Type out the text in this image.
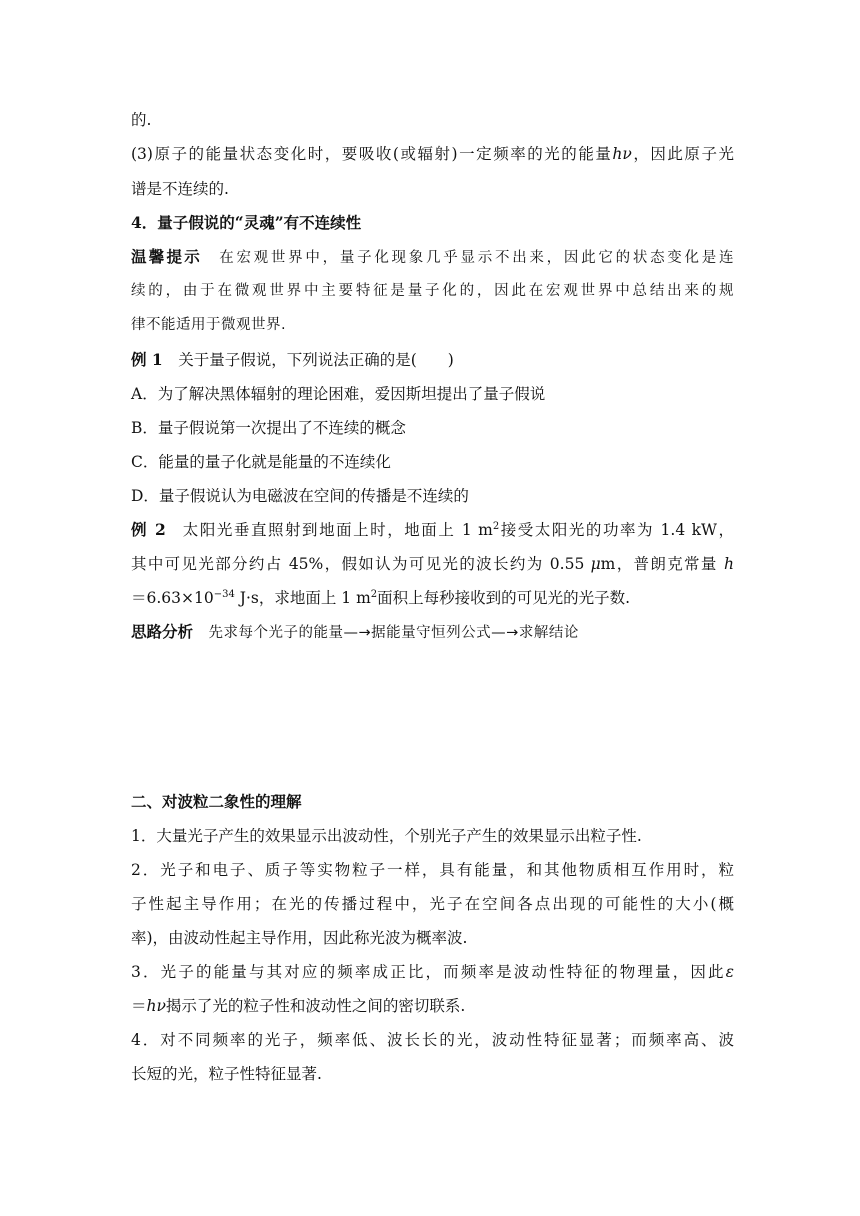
的.
(3)原子的能量状态变化时，要吸收(或辐射)一定频率的光的能量hν，因此原子光
谱是不连续的.
4．量子假说的“灵魂”有不连续性
温馨提示　 在宏观世界中，量子化现象几乎显示不出来，因此它的状态变化是连
续的，由于在微观世界中主要特征是量子化的，因此在宏观世界中总结出来的规
律不能适用于微观世界.
例 1  关于量子假说，下列说法正确的是(　　)
A．为了解决黑体辐射的理论困难，爱因斯坦提出了量子假说
B．量子假说第一次提出了不连续的概念
C．能量的量子化就是能量的不连续化
D．量子假说认为电磁波在空间的传播是不连续的
例 2  太阳光垂直照射到地面上时，地面上 1 $m^2$接受太阳光的功率为 1.4 kW，
其中可见光部分约占 45%，假如认为可见光的波长约为 0.55 μm，普朗克常量 h
$=6.63\times 10^{-34}$ J·s，求地面上 1 $m^2$面积上每秒接收到的可见光的光子数.
思路分析　 先求每个光子的能量—→据能量守恒列公式—→求解结论
二、对波粒二象性的理解
1．大量光子产生的效果显示出波动性，个别光子产生的效果显示出粒子性.
2．光子和电子、质子等实物粒子一样，具有能量，和其他物质相互作用时，粒
子性起主导作用；在光的传播过程中，光子在空间各点出现的可能性的大小(概
率)，由波动性起主导作用，因此称光波为概率波.
3．光子的能量与其对应的频率成正比，而频率是波动性特征的物理量，因此ε
＝hν揭示了光的粒子性和波动性之间的密切联系.
4．对不同频率的光子，频率低、波长长的光，波动性特征显著；而频率高、波
长短的光，粒子性特征显著.
